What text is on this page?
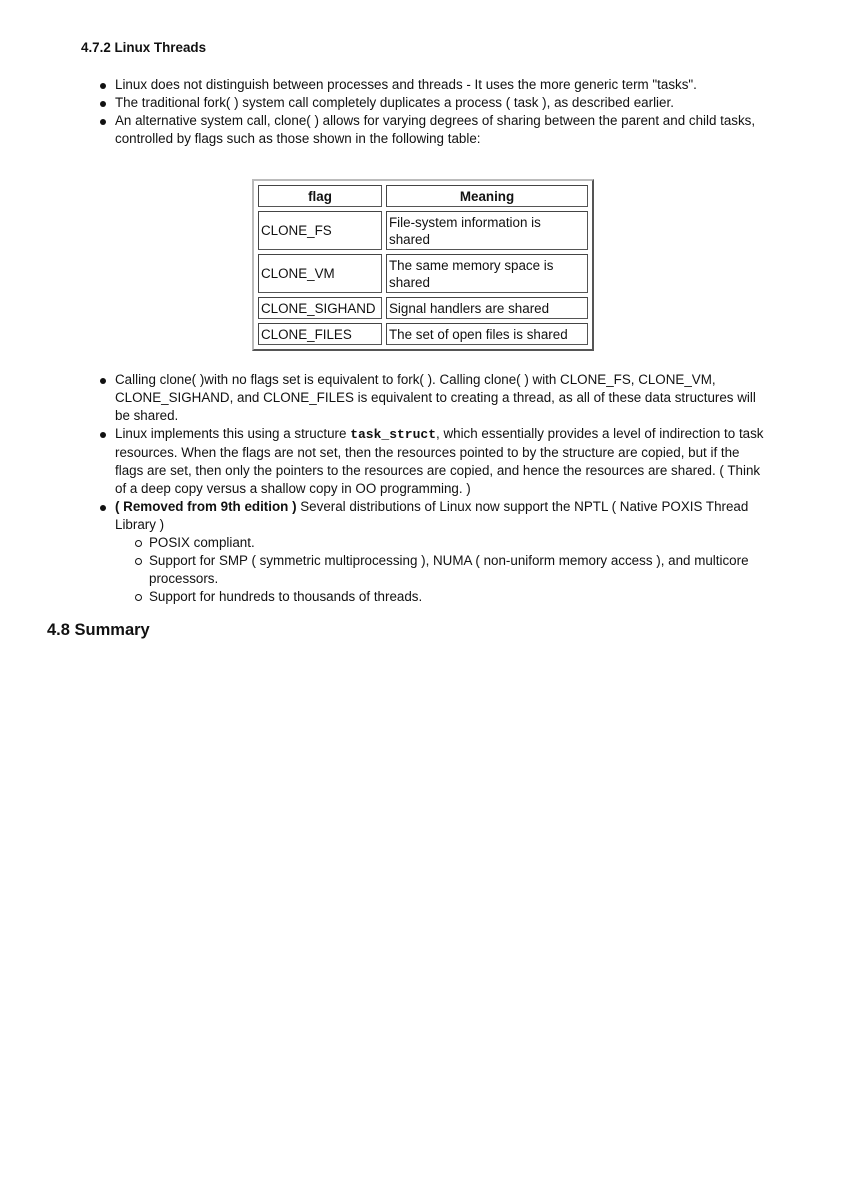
4.7.2 Linux Threads
Linux does not distinguish between processes and threads - It uses the more generic term "tasks".
The traditional fork( ) system call completely duplicates a process ( task ), as described earlier.
An alternative system call, clone( ) allows for varying degrees of sharing between the parent and child tasks, controlled by flags such as those shown in the following table:
flag	Meaning
CLONE_FS	File-system information is shared
CLONE_VM	The same memory space is shared
CLONE_SIGHAND	Signal handlers are shared
CLONE_FILES	The set of open files is shared
Calling clone( )with no flags set is equivalent to fork( ). Calling clone( ) with CLONE_FS, CLONE_VM, CLONE_SIGHAND, and CLONE_FILES is equivalent to creating a thread, as all of these data structures will be shared.
Linux implements this using a structure task_struct, which essentially provides a level of indirection to task resources. When the flags are not set, then the resources pointed to by the structure are copied, but if the flags are set, then only the pointers to the resources are copied, and hence the resources are shared. ( Think of a deep copy versus a shallow copy in OO programming. )
( Removed from 9th edition ) Several distributions of Linux now support the NPTL ( Native POXIS Thread Library )
POSIX compliant.
Support for SMP ( symmetric multiprocessing ), NUMA ( non-uniform memory access ), and multicore processors.
Support for hundreds to thousands of threads.
4.8 Summary
